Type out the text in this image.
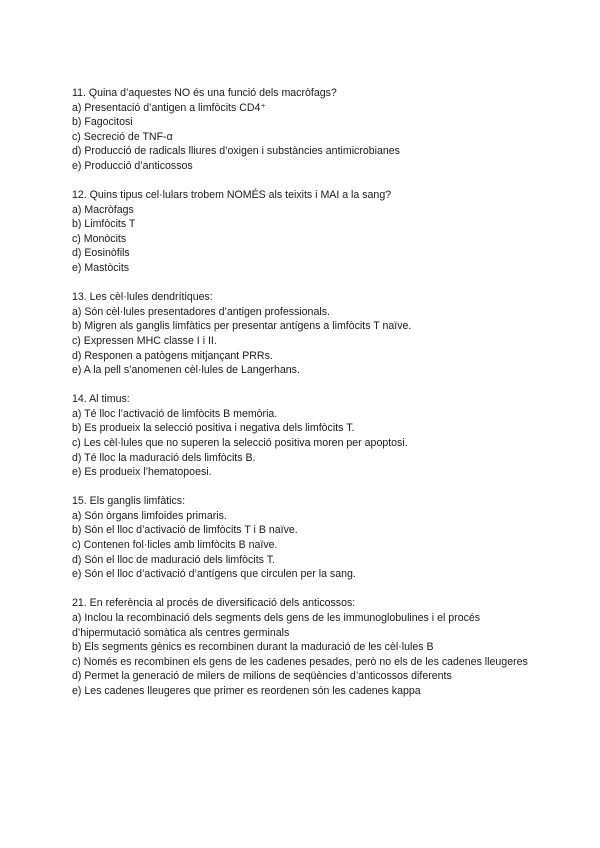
11. Quina d’aquestes NO és una funció dels macròfags?
a) Presentació d’antigen a limfòcits CD4⁺
b) Fagocitosi
c) Secreció de TNF-α
d) Producció de radicals lliures d’oxigen i substàncies antimicrobianes
e) Producció d’anticossos
12. Quins tipus cel·lulars trobem NOMÉS als teixits i MAI a la sang?
a) Macròfags
b) Limfòcits T
c) Monòcits
d) Eosinòfils
e) Mastòcits
13. Les cèl·lules dendrítiques:
a) Són cèl·lules presentadores d’antigen professionals.
b) Migren als ganglis limfàtics per presentar antígens a limfòcits T naïve.
c) Expressen MHC classe I i II.
d) Responen a patògens mitjançant PRRs.
e) A la pell s’anomenen cèl·lules de Langerhans.
14. Al timus:
a) Té lloc l’activació de limfòcits B memòria.
b) Es produeix la selecció positiva i negativa dels limfòcits T.
c) Les cèl·lules que no superen la selecció positiva moren per apoptosi.
d) Té lloc la maduració dels limfòcits B.
e) Es produeix l’hematopoesi.
15. Els ganglis limfàtics:
a) Són òrgans limfoides primaris.
b) Són el lloc d’activació de limfòcits T i B naïve.
c) Contenen fol·licles amb limfòcits B naïve.
d) Són el lloc de maduració dels limfòcits T.
e) Són el lloc d’activació d’antígens que circulen per la sang.
21. En referència al procés de diversificació dels anticossos:
a) Inclou la recombinació dels segments dels gens de les immunoglobulines i el procés d’hipermutació somàtica als centres germinals
b) Els segments gènics es recombinen durant la maduració de les cèl·lules B
c) Només es recombinen els gens de les cadenes pesades, però no els de les cadenes lleugeres
d) Permet la generació de milers de milions de seqüències d’anticossos diferents
e) Les cadenes lleugeres que primer es reordenen són les cadenes kappa
